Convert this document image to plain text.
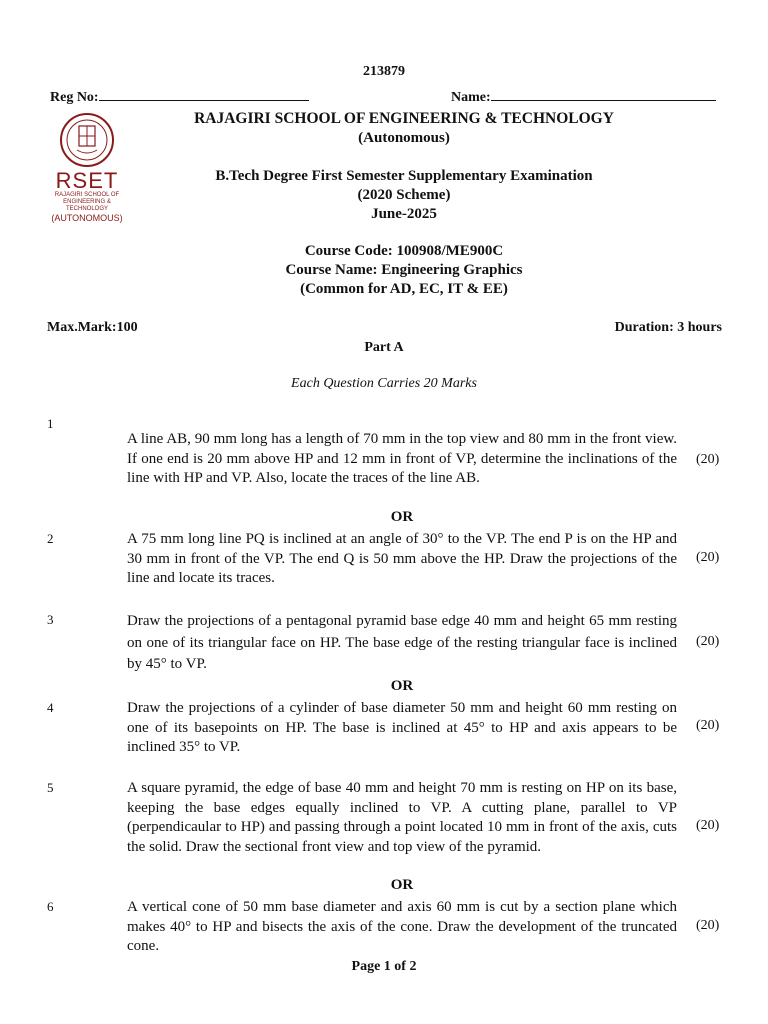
213879
Reg No:	Name:
RSET
RAJAGIRI SCHOOL OF
ENGINEERING & TECHNOLOGY
(AUTONOMOUS)
RAJAGIRI SCHOOL OF ENGINEERING & TECHNOLOGY
(Autonomous)
B.Tech Degree First Semester Supplementary Examination
(2020 Scheme)
June-2025
Course Code: 100908/ME900C
Course Name: Engineering Graphics
(Common for AD, EC, IT & EE)
Max.Mark:100	Duration: 3 hours
Part A
Each Question Carries 20 Marks
1
A line AB, 90 mm long has a length of 70 mm in the top view and 80 mm in the front view. If one end is 20 mm above HP and 12 mm in front of VP, determine the inclinations of the line with HP and VP. Also, locate the traces of the line AB.
(20)
OR
2	A 75 mm long line PQ is inclined at an angle of 30° to the VP. The end P is on the HP and 30 mm in front of the VP. The end Q is 50 mm above the HP. Draw the projections of the line and locate its traces.
(20)
3	Draw the projections of a pentagonal pyramid base edge 40 mm and height 65 mm resting on one of its triangular face on HP. The base edge of the resting triangular face is inclined by 45° to VP.
(20)
OR
4	Draw the projections of a cylinder of base diameter 50 mm and height 60 mm resting on one of its basepoints on HP. The base is inclined at 45° to HP and axis appears to be inclined 35° to VP.
(20)
5	A square pyramid, the edge of base 40 mm and height 70 mm is resting on HP on its base, keeping the base edges equally inclined to VP. A cutting plane, parallel to VP (perpendicaular to HP) and passing through a point located 10 mm in front of the axis, cuts the solid. Draw the sectional front view and top view of the pyramid.
(20)
OR
6	A vertical cone of 50 mm base diameter and axis 60 mm is cut by a section plane which makes 40° to HP and bisects the axis of the cone. Draw the development of the truncated cone.
(20)
Page 1 of 2
